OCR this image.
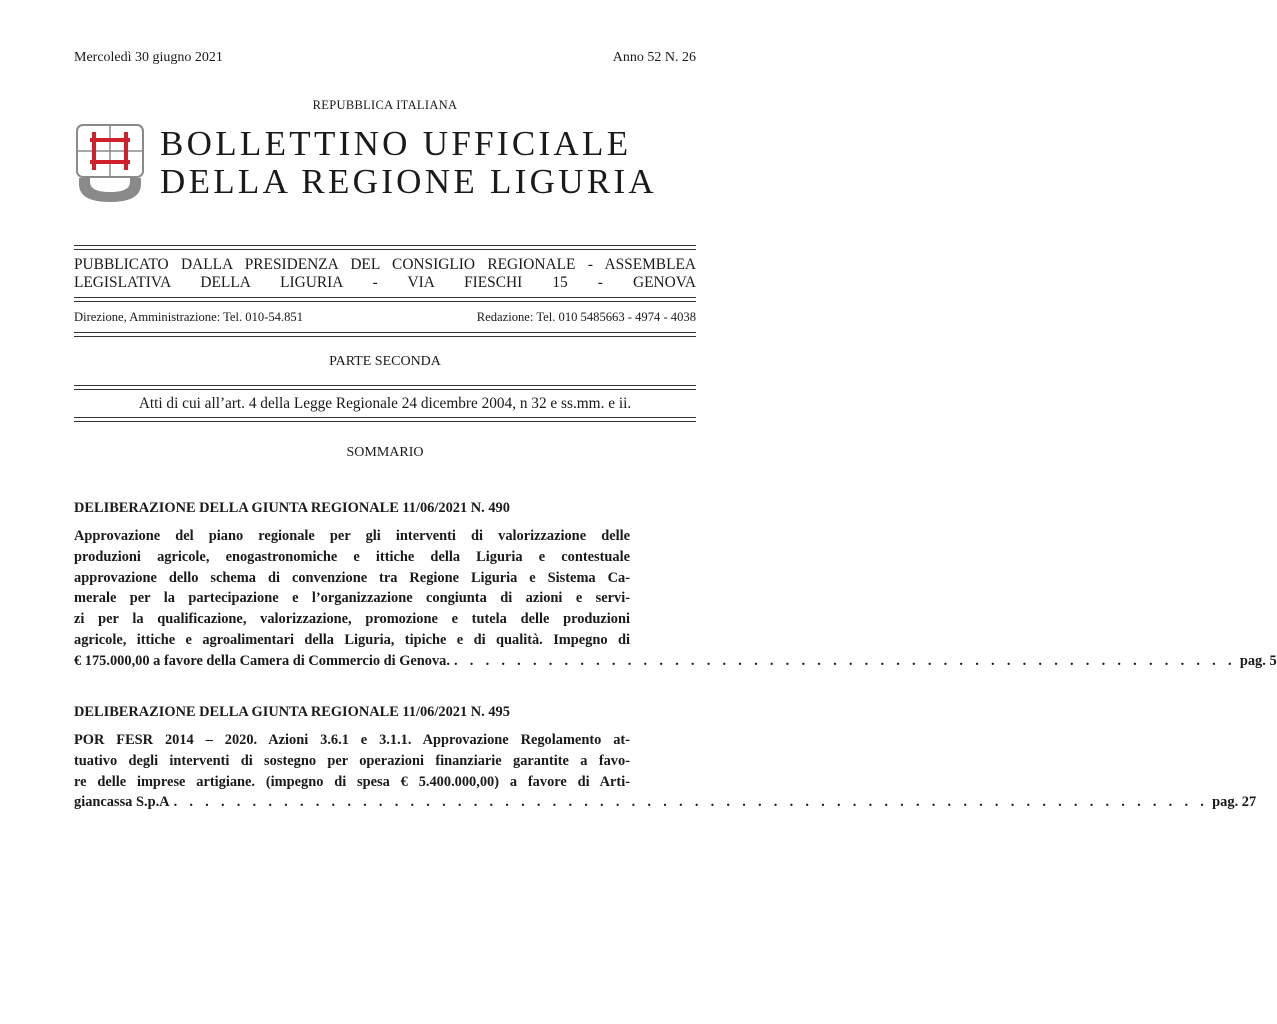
Mercoledì 30 giugno 2021	Anno 52 N. 26
REPUBBLICA ITALIANA
BOLLETTINO UFFICIALE
DELLA REGIONE LIGURIA
PUBBLICATO DALLA PRESIDENZA DEL CONSIGLIO REGIONALE - ASSEMBLEA
LEGISLATIVA DELLA LIGURIA - VIA FIESCHI 15 - GENOVA
Direzione, Amministrazione: Tel. 010-54.851	Redazione: Tel. 010 5485663 - 4974 - 4038
PARTE SECONDA
Atti di cui all’art. 4 della Legge Regionale 24 dicembre 2004, n 32 e ss.mm. e ii.
SOMMARIO
DELIBERAZIONE DELLA GIUNTA REGIONALE 11/06/2021 N. 490
Approvazione del piano regionale per gli interventi di valorizzazione delle
produzioni agricole, enogastronomiche e ittiche della Liguria e contestuale
approvazione dello schema di convenzione tra Regione Liguria e Sistema Ca-
merale per la partecipazione e l’organizzazione congiunta di azioni e servi-
zi per la qualificazione, valorizzazione, promozione e tutela delle produzioni
agricole, ittiche e agroalimentari della Liguria, tipiche e di qualità. Impegno di
€ 175.000,00 a favore della Camera di Commercio di Genova. . . . . . . . . . . . . . . . . . . . . . . . . . . . . . . . . . . . . . . . . . . . . . . . . . . pag. 5
DELIBERAZIONE DELLA GIUNTA REGIONALE 11/06/2021 N. 495
POR FESR 2014 – 2020. Azioni 3.6.1 e 3.1.1. Approvazione Regolamento at-
tuativo degli interventi di sostegno per operazioni finanziarie garantite a favo-
re delle imprese artigiane. (impegno di spesa € 5.400.000,00) a favore di Arti-
giancassa S.p.A . . . . . . . . . . . . . . . . . . . . . . . . . . . . . . . . . . . . . . . . . . . . . . . . . . . . . . . . . . . . . . . . . . pag. 27
